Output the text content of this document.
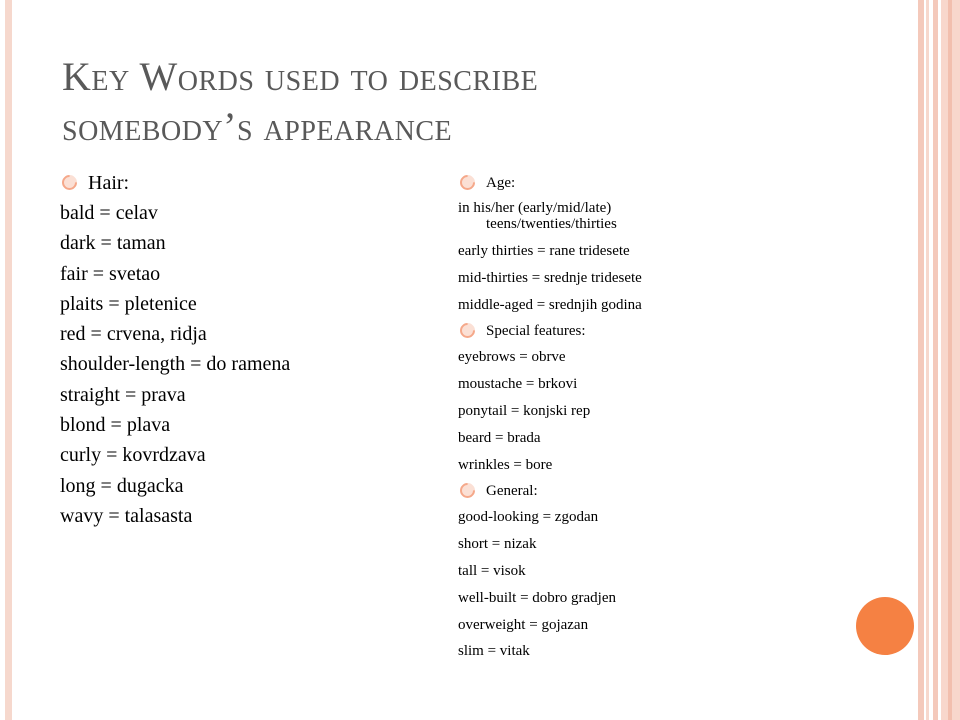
Key Words used to describe
somebody’s appearance
Hair:
bald = celav
dark = taman
fair = svetao
plaits = pletenice
red = crvena, ridja
shoulder-length = do ramena
straight = prava
blond = plava
curly = kovrdzava
long = dugacka
wavy = talasasta
Age:
in his/her (early/mid/late)
teens/twenties/thirties
early thirties = rane tridesete
mid-thirties = srednje tridesete
middle-aged = srednjih godina
Special features:
eyebrows = obrve
moustache = brkovi
ponytail = konjski rep
beard = brada
wrinkles = bore
General:
good-looking = zgodan
short = nizak
tall = visok
well-built = dobro gradjen
overweight = gojazan
slim = vitak
